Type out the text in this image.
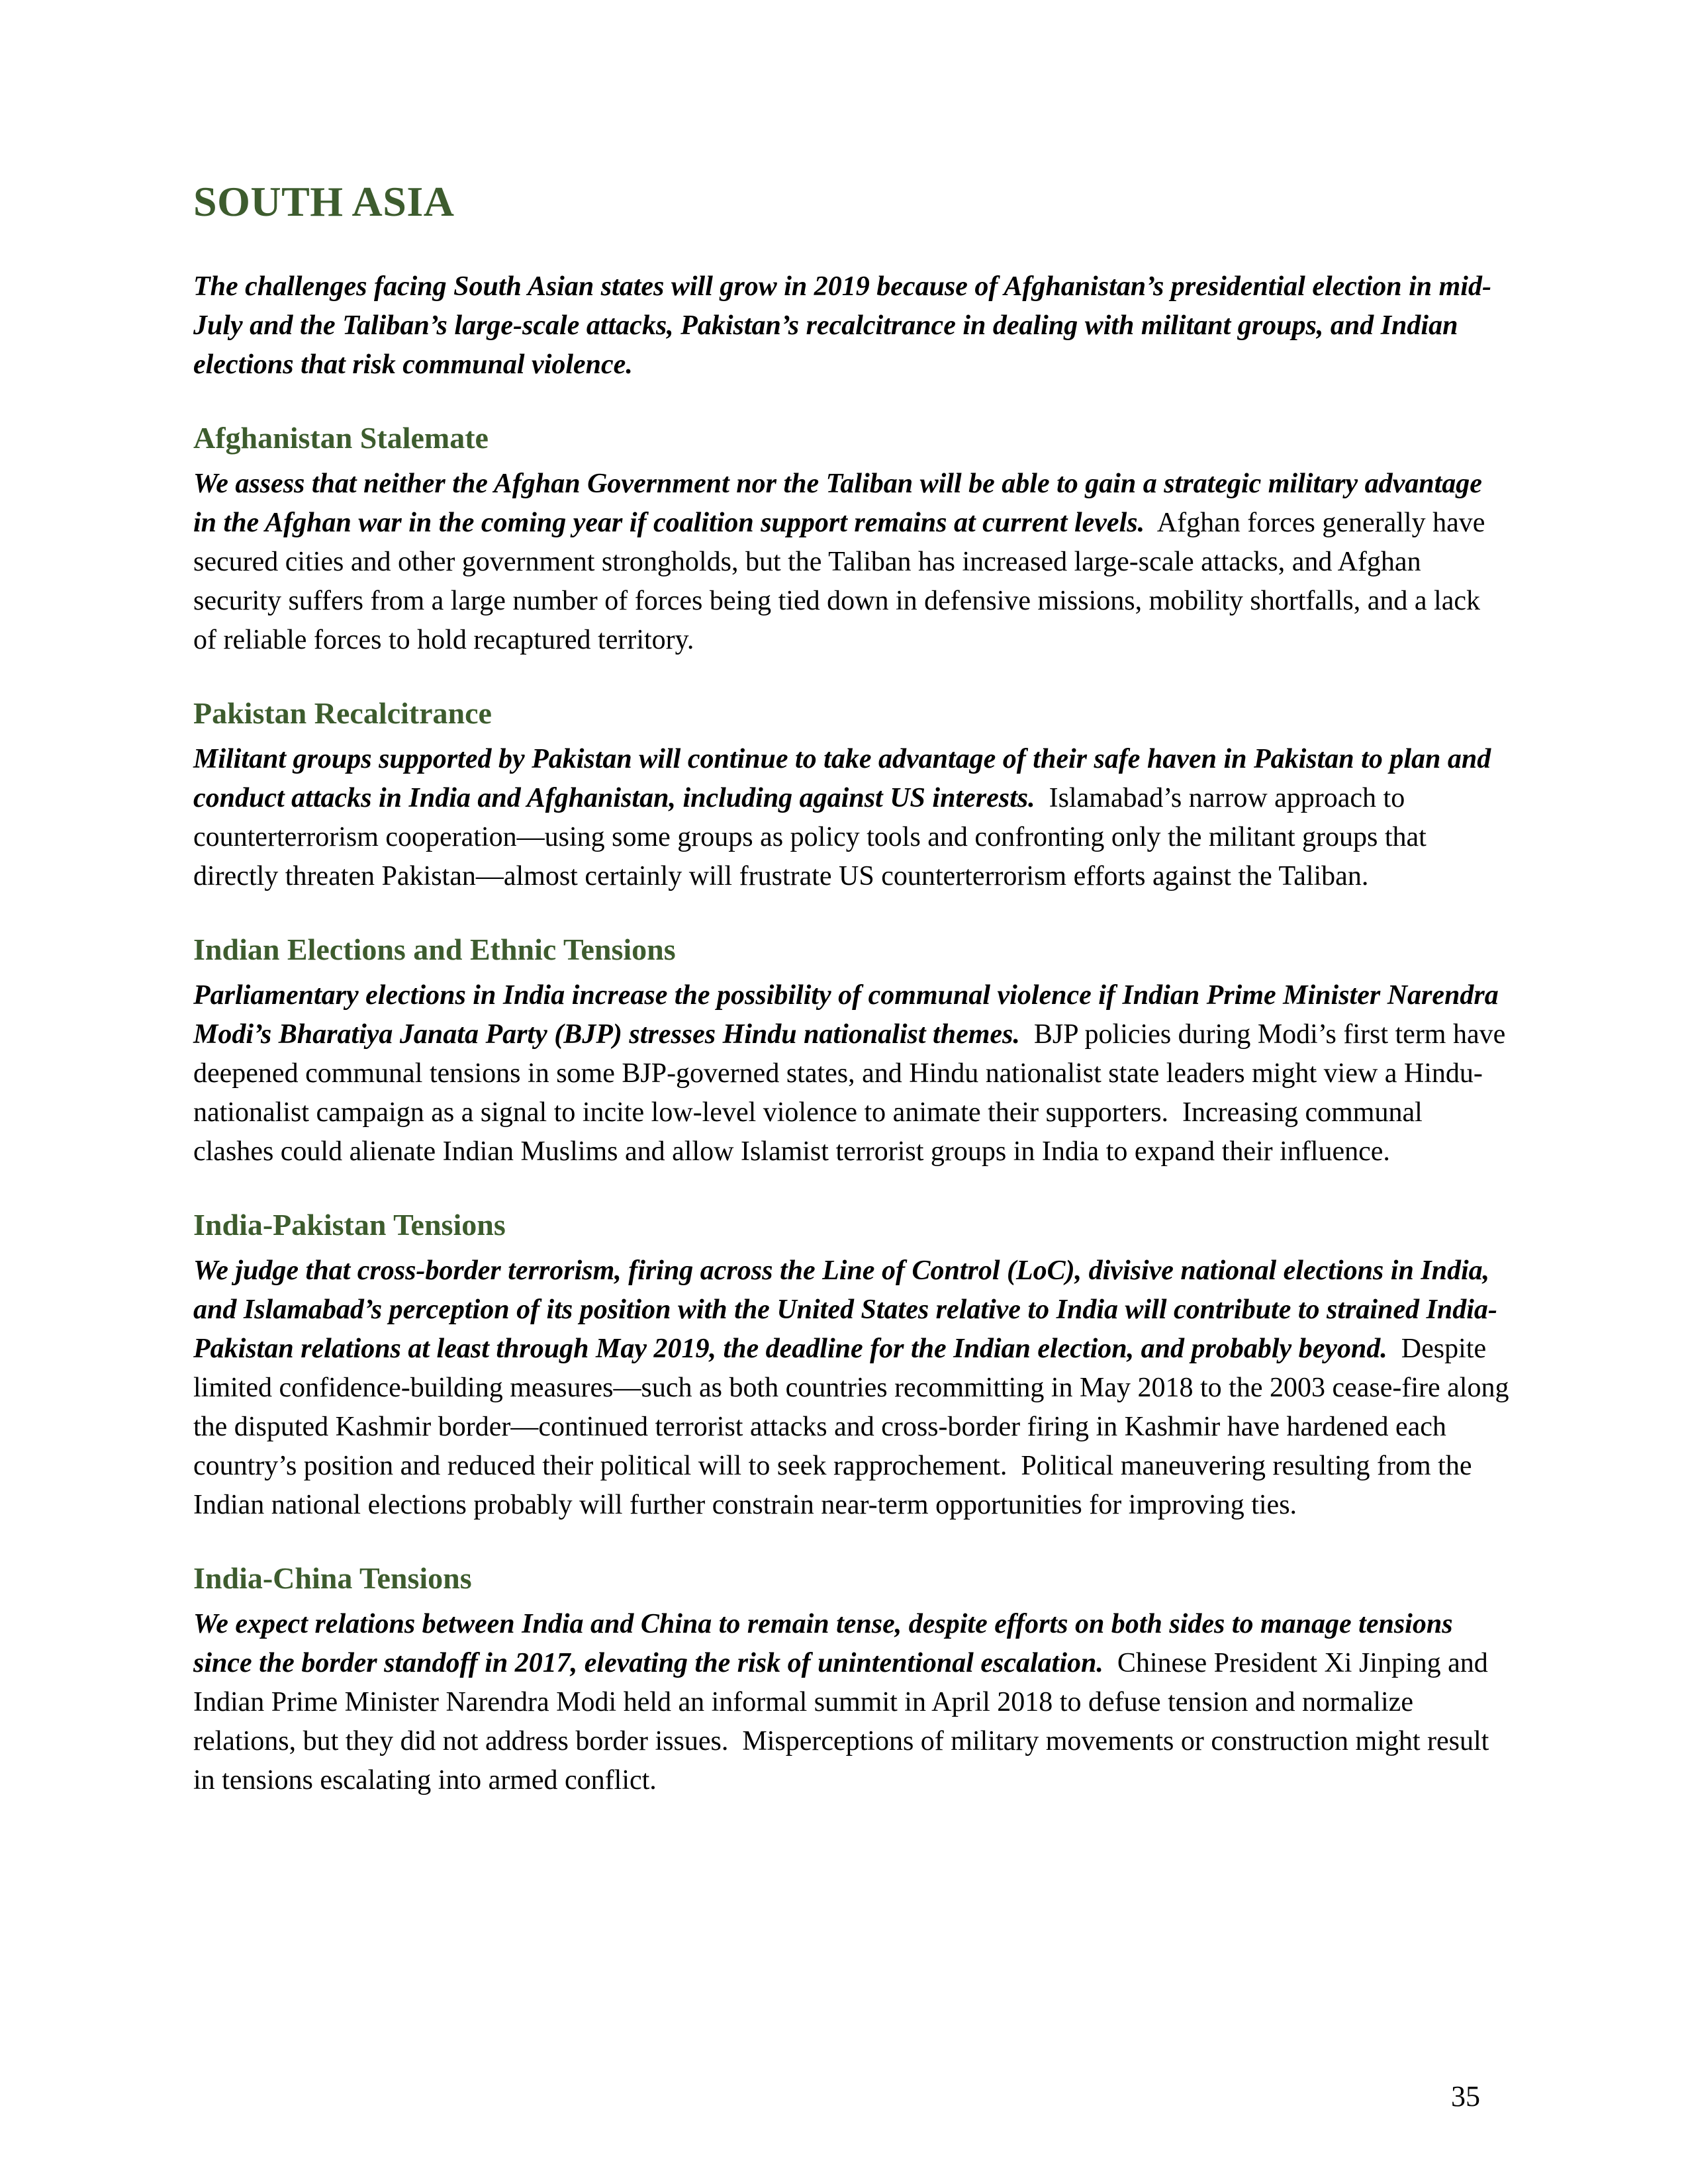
SOUTH ASIA

The challenges facing South Asian states will grow in 2019 because of Afghanistan’s presidential election in mid-July and the Taliban’s large-scale attacks, Pakistan’s recalcitrance in dealing with militant groups, and Indian elections that risk communal violence.

Afghanistan Stalemate

We assess that neither the Afghan Government nor the Taliban will be able to gain a strategic military advantage in the Afghan war in the coming year if coalition support remains at current levels.  Afghan forces generally have secured cities and other government strongholds, but the Taliban has increased large-scale attacks, and Afghan security suffers from a large number of forces being tied down in defensive missions, mobility shortfalls, and a lack of reliable forces to hold recaptured territory.

Pakistan Recalcitrance

Militant groups supported by Pakistan will continue to take advantage of their safe haven in Pakistan to plan and conduct attacks in India and Afghanistan, including against US interests.  Islamabad’s narrow approach to counterterrorism cooperation—using some groups as policy tools and confronting only the militant groups that directly threaten Pakistan—almost certainly will frustrate US counterterrorism efforts against the Taliban.

Indian Elections and Ethnic Tensions

Parliamentary elections in India increase the possibility of communal violence if Indian Prime Minister Narendra Modi’s Bharatiya Janata Party (BJP) stresses Hindu nationalist themes.  BJP policies during Modi’s first term have deepened communal tensions in some BJP-governed states, and Hindu nationalist state leaders might view a Hindu-nationalist campaign as a signal to incite low-level violence to animate their supporters.  Increasing communal clashes could alienate Indian Muslims and allow Islamist terrorist groups in India to expand their influence.

India-Pakistan Tensions

We judge that cross-border terrorism, firing across the Line of Control (LoC), divisive national elections in India, and Islamabad’s perception of its position with the United States relative to India will contribute to strained India-Pakistan relations at least through May 2019, the deadline for the Indian election, and probably beyond.  Despite limited confidence-building measures—such as both countries recommitting in May 2018 to the 2003 cease-fire along the disputed Kashmir border—continued terrorist attacks and cross-border firing in Kashmir have hardened each country’s position and reduced their political will to seek rapprochement.  Political maneuvering resulting from the Indian national elections probably will further constrain near-term opportunities for improving ties.

India-China Tensions

We expect relations between India and China to remain tense, despite efforts on both sides to manage tensions since the border standoff in 2017, elevating the risk of unintentional escalation.  Chinese President Xi Jinping and Indian Prime Minister Narendra Modi held an informal summit in April 2018 to defuse tension and normalize relations, but they did not address border issues.  Misperceptions of military movements or construction might result in tensions escalating into armed conflict.

35
